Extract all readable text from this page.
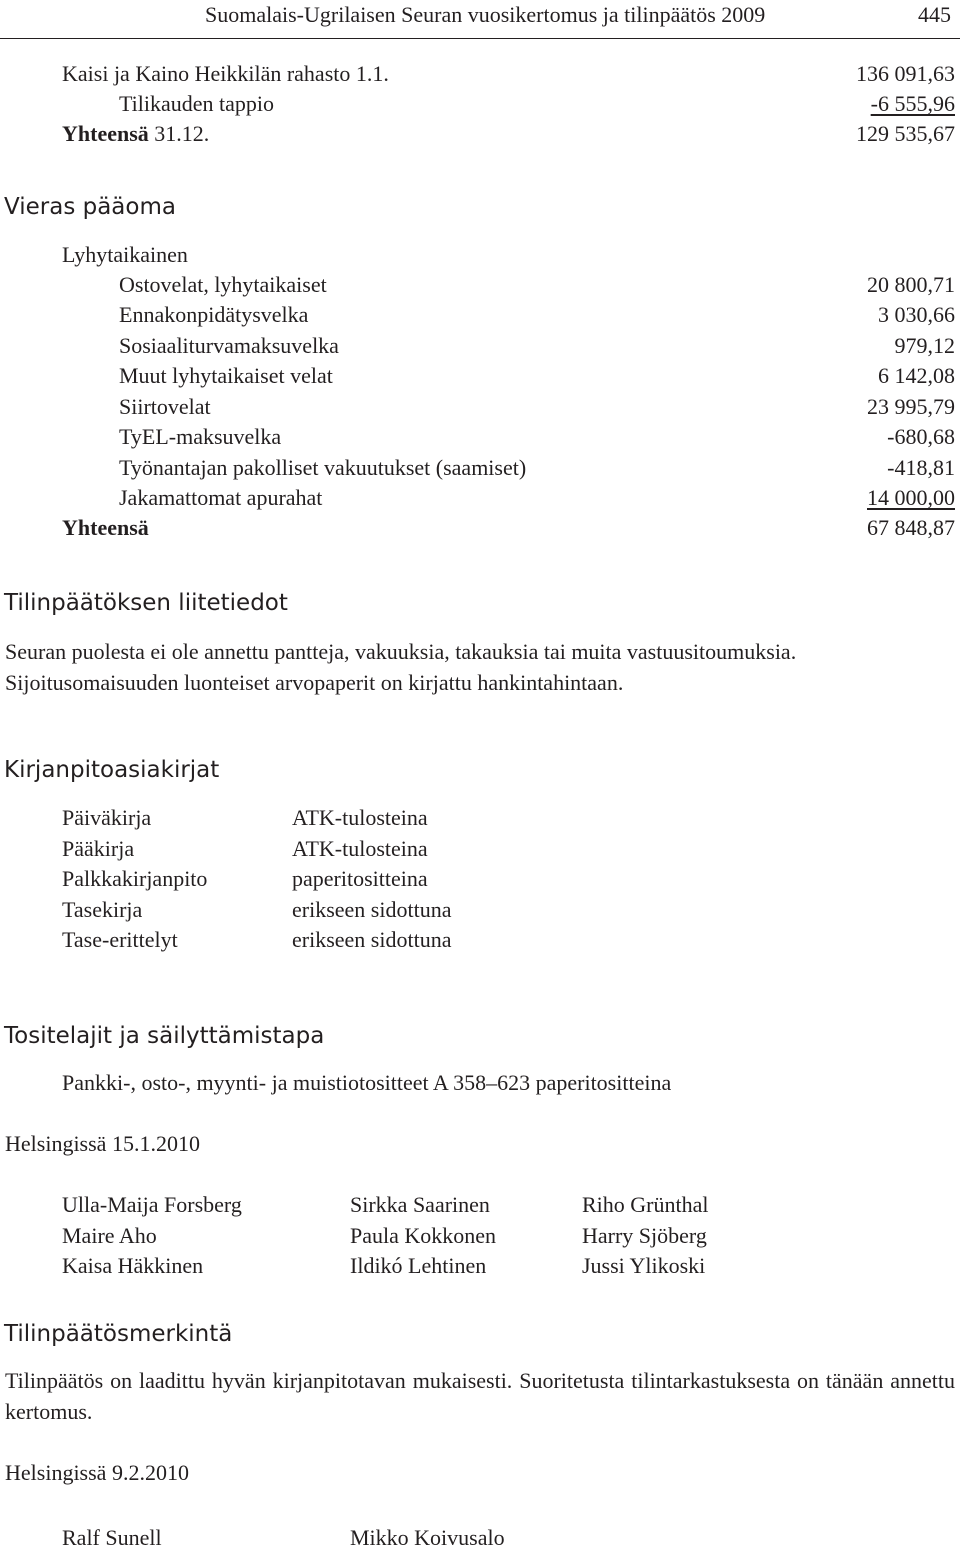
Suomalais-Ugrilaisen Seuran vuosikertomus ja tilinpäätös 2009	445
Kaisi ja Kaino Heikkilän rahasto 1.1.	136 091,63
Tilikauden tappio	-6 555,96
Yhteensä 31.12.	129 535,67
Vieras pääoma
Lyhytaikainen
Ostovelat, lyhytaikaiset	20 800,71
Ennakonpidätysvelka	3 030,66
Sosiaaliturvamaksuvelka	979,12
Muut lyhytaikaiset velat	6 142,08
Siirtovelat	23 995,79
TyEL-maksuvelka	-680,68
Työnantajan pakolliset vakuutukset (saamiset)	-418,81
Jakamattomat apurahat	14 000,00
Yhteensä	67 848,87
Tilinpäätöksen liitetiedot
Seuran puolesta ei ole annettu pantteja, vakuuksia, takauksia tai muita vastuusitoumuksia.
Sijoitusomaisuuden luonteiset arvopaperit on kirjattu hankintahintaan.
Kirjanpitoasiakirjat
Päiväkirja	ATK-tulosteina
Pääkirja	ATK-tulosteina
Palkkakirjanpito	paperitositteina
Tasekirja	erikseen sidottuna
Tase-erittelyt	erikseen sidottuna
Tositelajit ja säilyttämistapa
Pankki-, osto-, myynti- ja muistiotositteet A 358–623 paperitositteina
Helsingissä 15.1.2010
Ulla-Maija Forsberg	Sirkka Saarinen	Riho Grünthal
Maire Aho	Paula Kokkonen	Harry Sjöberg
Kaisa Häkkinen	Ildikó Lehtinen	Jussi Ylikoski
Tilinpäätösmerkintä
Tilinpäätös on laadittu hyvän kirjanpitotavan mukaisesti. Suoritetusta tilintarkastuksesta on tänään annettu kertomus.
Helsingissä 9.2.2010
Ralf Sunell	Mikko Koivusalo
